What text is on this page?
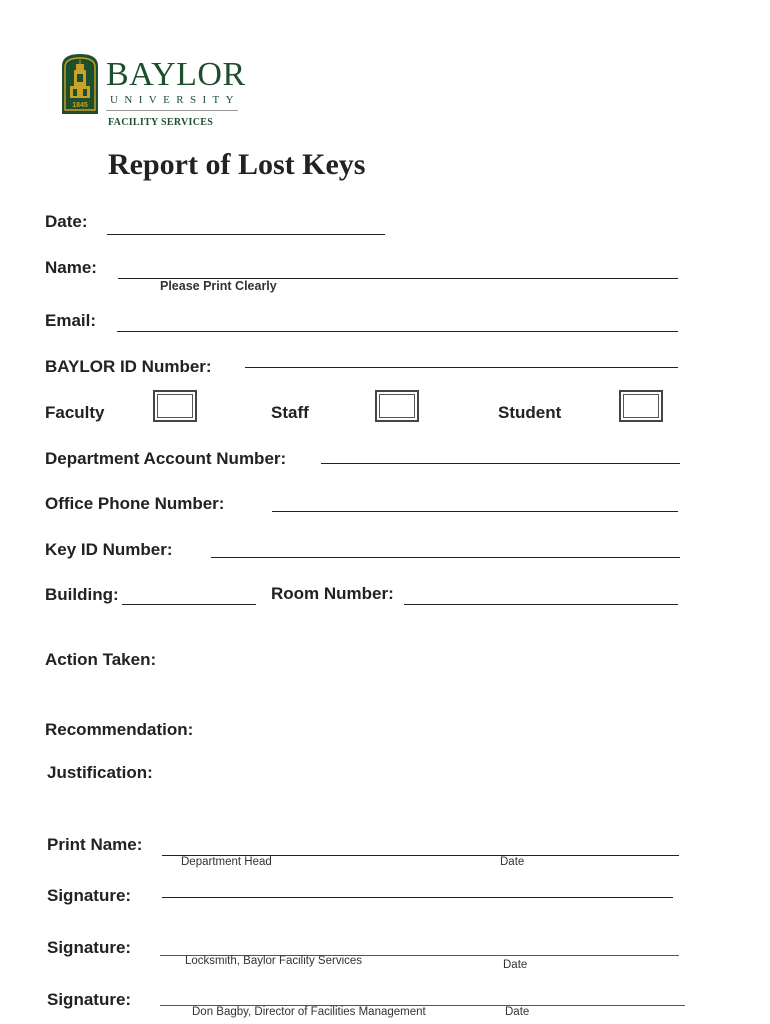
1845
BAYLOR
UNIVERSITY
FACILITY SERVICES
Report of Lost Keys
Date:
Name:
Please Print Clearly
Email:
BAYLOR ID Number:
Faculty	Staff	Student
Department Account Number:
Office Phone Number:
Key ID Number:
Building:	Room Number:
Action Taken:
Recommendation:
Justification:
Print Name:
Department Head	Date
Signature:
Signature:
Locksmith, Baylor Facility Services	Date
Signature:
Don Bagby, Director of Facilities Management	Date
